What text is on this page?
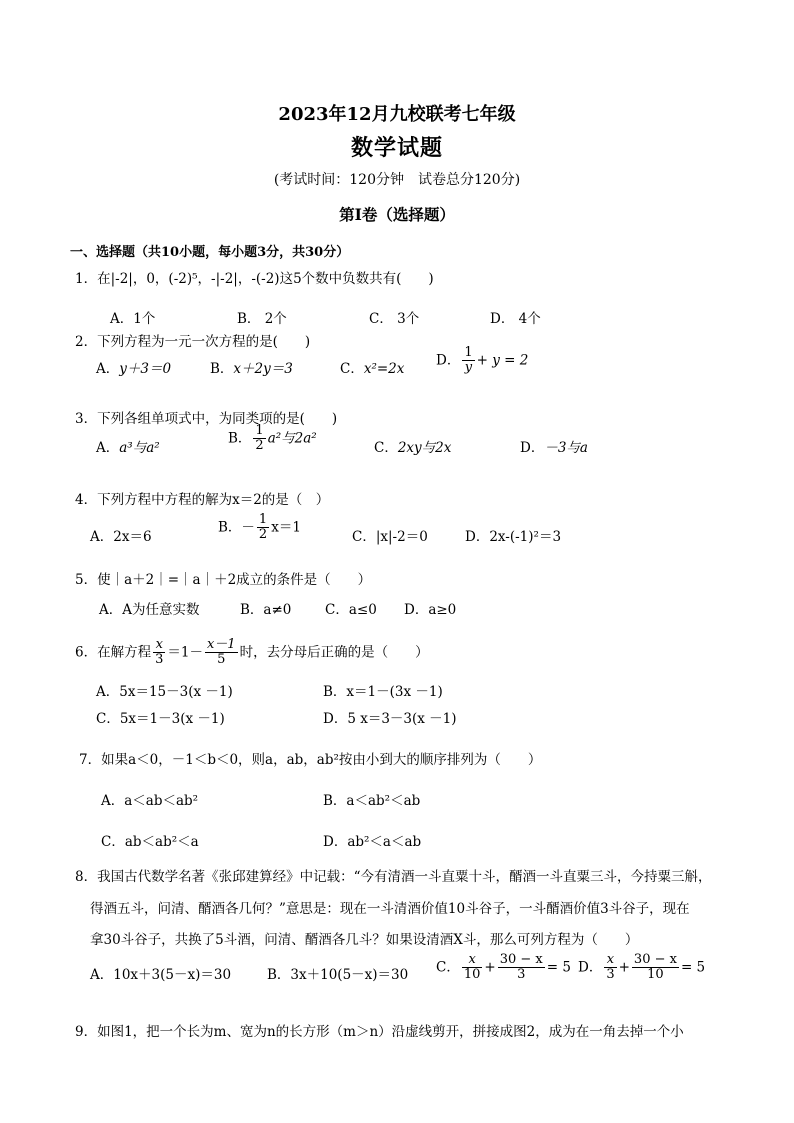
2023年12月九校联考七年级
数学试题
(考试时间：120分钟　试卷总分120分)
第I卷（选择题）
一、选择题（共10小题，每小题3分，共30分）
1．在|-2|，0，(-2)⁵，-|-2|，-(-2)这5个数中负数共有(　　)
A．1个	B． 2个	C． 3个	D． 4个
2．下列方程为一元一次方程的是(　　)
A．y＋3＝0	B．x＋2y＝3	C．x²=2x
D． $\frac{1}{y} + y = 2$
3．下列各组单项式中，为同类项的是(　　)
A．a³与a²
B． $\frac{1}{2} a^2$与2a²
C．2xy与2x	D．－3与a
4．下列方程中方程的解为x＝2的是（　）
A．2x＝6
B．－ $\frac{1}{2} x=1$
C．|x|-2＝0	D．2x-(-1)²＝3
5．使｜a＋2｜=｜a｜＋2成立的条件是（　　）
A．A为任意实数	B．a≠0 C．a≤0 D．a≥0
6．在解方程 $\frac{x}{3} =1- \frac{x-1}{5}$ 时，去分母后正确的是（　　）
A．5x＝15－3(x －1)	B．x＝1－(3x －1)
C．5x＝1－3(x －1)	D．5 x＝3－3(x －1)
7．如果a＜0，－1＜b＜0，则a，ab，ab²按由小到大的顺序排列为（　　）
A．a＜ab＜ab²	B．a＜ab²＜ab
C．ab＜ab²＜a	D．ab²＜a＜ab
8．我国古代数学名著《张邱建算经》中记载：“今有清酒一斗直粟十斗，醑酒一斗直粟三斗，今持粟三斛，
得酒五斗，问清、醑酒各几何？”意思是：现在一斗清酒价值10斗谷子，一斗醑酒价值3斗谷子，现在
拿30斗谷子，共换了5斗酒，问清、醑酒各几斗？如果设清酒X斗，那么可列方程为（　　）
A．10x＋3(5－x)＝30	B．3x＋10(5－x)＝30 C． $\frac{x}{10} + \frac{30 - x}{3} = 5$ D． $\frac{x}{3} + \frac{30 - x}{10} = 5$
9．如图1，把一个长为m、宽为n的长方形（m＞n）沿虚线剪开，拼接成图2，成为在一角去掉一个小
